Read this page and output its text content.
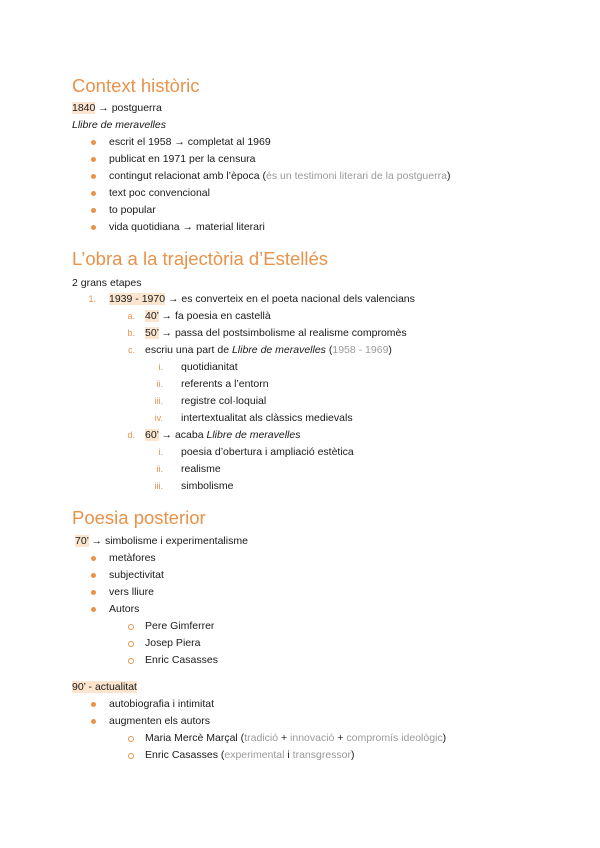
Context històric
1840 → postguerra
Llibre de meravelles
escrit el 1958 → completat al 1969
publicat en 1971 per la censura
contingut relacionat amb l’època (és un testimoni literari de la postguerra)
text poc convencional
to popular
vida quotidiana → material literari
L’obra a la trajectòria d’Estellés
2 grans etapes
1. 1939 - 1970 → es converteix en el poeta nacional dels valencians
a. 40’ → fa poesia en castellà
b. 50’ → passa del postsimbolisme al realisme compromès
c. escriu una part de Llibre de meravelles (1958 - 1969)
i. quotidianitat
ii. referents a l’entorn
iii. registre col·loquial
iv. intertextualitat als clàssics medievals
d. 60’ → acaba Llibre de meravelles
i. poesia d’obertura i ampliació estètica
ii. realisme
iii. simbolisme
Poesia posterior
70’ → simbolisme i experimentalisme
metàfores
subjectivitat
vers lliure
Autors
Pere Gimferrer
Josep Piera
Enric Casasses
90’ - actualitat
autobiografia i intimitat
augmenten els autors
Maria Mercè Marçal (tradició + innovació + compromís ideològic)
Enric Casasses (experimental i transgressor)
